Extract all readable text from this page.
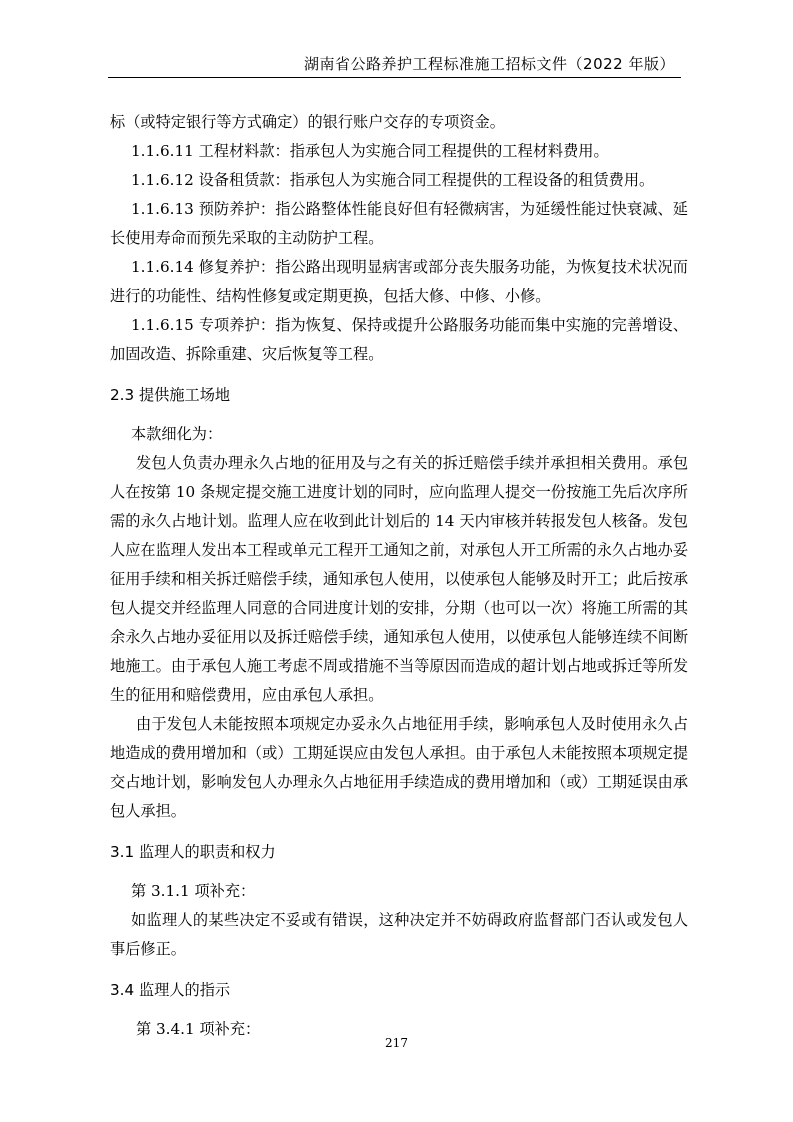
湖南省公路养护工程标准施工招标文件（2022 年版）

标（或特定银行等方式确定）的银行账户交存的专项资金。

1.1.6.11 工程材料款：指承包人为实施合同工程提供的工程材料费用。

1.1.6.12 设备租赁款：指承包人为实施合同工程提供的工程设备的租赁费用。

1.1.6.13 预防养护：指公路整体性能良好但有轻微病害，为延缓性能过快衰减、延长使用寿命而预先采取的主动防护工程。

1.1.6.14 修复养护：指公路出现明显病害或部分丧失服务功能，为恢复技术状况而进行的功能性、结构性修复或定期更换，包括大修、中修、小修。

1.1.6.15 专项养护：指为恢复、保持或提升公路服务功能而集中实施的完善增设、加固改造、拆除重建、灾后恢复等工程。

2.3 提供施工场地

本款细化为：

发包人负责办理永久占地的征用及与之有关的拆迁赔偿手续并承担相关费用。承包人在按第 10 条规定提交施工进度计划的同时，应向监理人提交一份按施工先后次序所需的永久占地计划。监理人应在收到此计划后的 14 天内审核并转报发包人核备。发包人应在监理人发出本工程或单元工程开工通知之前，对承包人开工所需的永久占地办妥征用手续和相关拆迁赔偿手续，通知承包人使用，以使承包人能够及时开工；此后按承包人提交并经监理人同意的合同进度计划的安排，分期（也可以一次）将施工所需的其余永久占地办妥征用以及拆迁赔偿手续，通知承包人使用，以使承包人能够连续不间断地施工。由于承包人施工考虑不周或措施不当等原因而造成的超计划占地或拆迁等所发生的征用和赔偿费用，应由承包人承担。

由于发包人未能按照本项规定办妥永久占地征用手续，影响承包人及时使用永久占地造成的费用增加和（或）工期延误应由发包人承担。由于承包人未能按照本项规定提交占地计划，影响发包人办理永久占地征用手续造成的费用增加和（或）工期延误由承包人承担。

3.1 监理人的职责和权力

第 3.1.1 项补充：

如监理人的某些决定不妥或有错误，这种决定并不妨碍政府监督部门否认或发包人事后修正。

3.4 监理人的指示

第 3.4.1 项补充：

217
